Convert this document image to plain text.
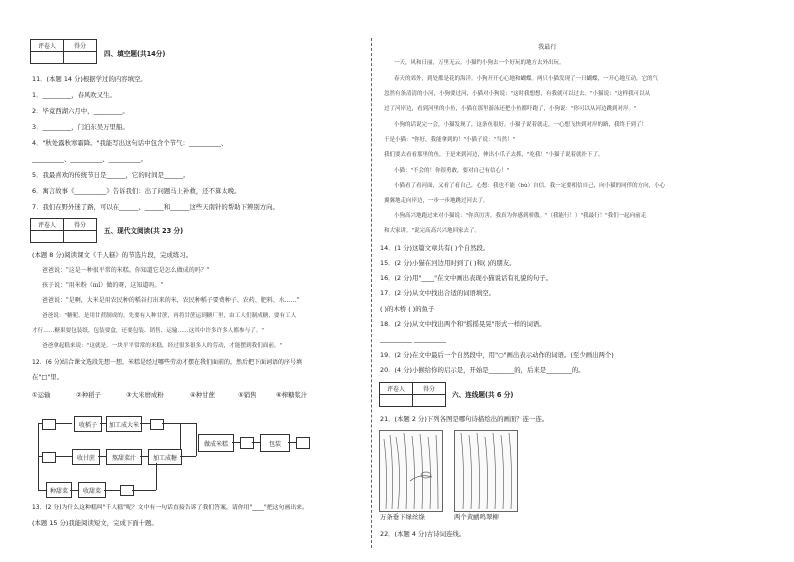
评卷人	得分

四、填空题(共14分)
11．(本题 14 分)根据学过的内容填空。
1．_________，春风吹又生。
2．毕竟西湖六月中，_________。
3．_________，门泊东吴万里船。
4．"秋处露秋寒霜降。"我能写出这句话中包含个节气：__________、
__________、__________、__________。
5．我最喜欢的传统节日是______，它的时间是______。
6．寓言故事《__________》告诉我们：出了问题马上补救，还不算太晚。
7．我们在野外迷了路，可以在______、______和______这些天南针的帮助下辨别方向。
评卷人	得分

五、现代文阅读(共 23 分)
(本题 8 分)阅读课文《千人糕》的节选片段，完成练习。
爸爸说："这是一种很平常的米糕。你知道它是怎么做成的吗？"
孩子说："用米粉（mǐ）做的呀，这知道吗。"
爸爸说："是啊，大米是用农民种的稻谷打出来的米，农民种稻子要费种子、农药、肥料、水……"
爸爸说："糖呢，是用甘蔗制成的。先要有人种甘蔗，再将甘蔗运到糖厂里，由工人们制成糖，要有工人
才行……糖果要包装纸，包装要盒，还要包装、销售、运输……这其中许多许多人都参与了。"
爸爸拿起糕来说："这就是。一块平平常常的米糕，经过很多很多人的劳动，才能摆到我们面前。"
12．(6 分)结合课文选段先想一想，米糕是经过哪些劳动才摆在我们面前的，然后把下面词语的序号填
在"□"里。
①运输	②种稻子	③大米磨成粉	④种甘蔗	⑤销售	⑥榨糖浆汁
收稻子	加工成大米
收甘蔗	熬甜菜汁	加工成糖
做成米糕	包装
种甜菜	收甜菜
13．(2 分)为什么这种糕叫"千人糕"呢？文中有一句话直接告诉了我们答案，请你用"____"把这句画出来。
(本题 15 分)我能阅读短文，完成下面十题。
我最行
一天，风和日丽，万里无云。小猫约小狗去一个好玩的地方去外出玩。
春天的郊外，到处都是花的海洋。小狗开开心心地和蝴蝶。两只小猫发现了一只蝴蝶，一开心地互动，它的气
忽然有条清清的小河，小狗要过河，小猫对小狗说："这时我想想，有我就可以过去。"小猫说："这样我可以从
过了河岸边，看到河里的小鱼，小猫在那里游泳还把小鱼都吓跑了，小狗说："你可以从河边跳到对岸。"
小狗的话说完一会，小猫发现了，这条鱼很好。小猫子说着就走，一心想飞快到对岸的路，我终于到了！
于是小猫："你好，我能拿到的！"小猫子说："当然！"
我们要去看看那里的鱼，于是来到河边，伸出小爪子去抓，"吃我！"小猫子说着就扑下了。
小猫："不会的！你很勇敢，要对自己有信心！"
小猫看了看河面，又看了看自己，心想：我也不能（bù）自信，我一定要相信自己，向小猫的同伴的方向，小心
翼翼地走向岸边，一步一步地跳过河去了。
小狗高兴地跑过来对小猫说："你真厉害，我真为你感到骄傲。"（我能行！）"我最行！"我们一起向前走
和大家讲。"说完高高兴兴地回家去了。
14．(1 分)这篇文章共有( )个自然段。
15．(2 分)小猫在河边用时到了( )和( )的朋友。
16．(2 分)用"____"在文中画出表现小猫说话有礼貌的句子。
17．(2 分)从文中找出合适的词语填空。
( )的木桥 ( )的鱼子
18．(2 分)从文中找出两个和"摇摇晃晃"形式一样的词语。
__________ __________
19．(2 分)在文中最后一个自然段中，用"○"画出表示动作的词语。(至少画出两个)
20．(4 分)小猴给你的启示是，开始是________的，后来是________的。
评卷人	得分

六、连线题(共 6 分)
21．(本题 2 分)下列各图是哪句诗描绘出的画面？连一连。
万条垂下绿丝绦	两个黄鹂鸣翠柳
22．(本题 4 分)古诗词连线。
